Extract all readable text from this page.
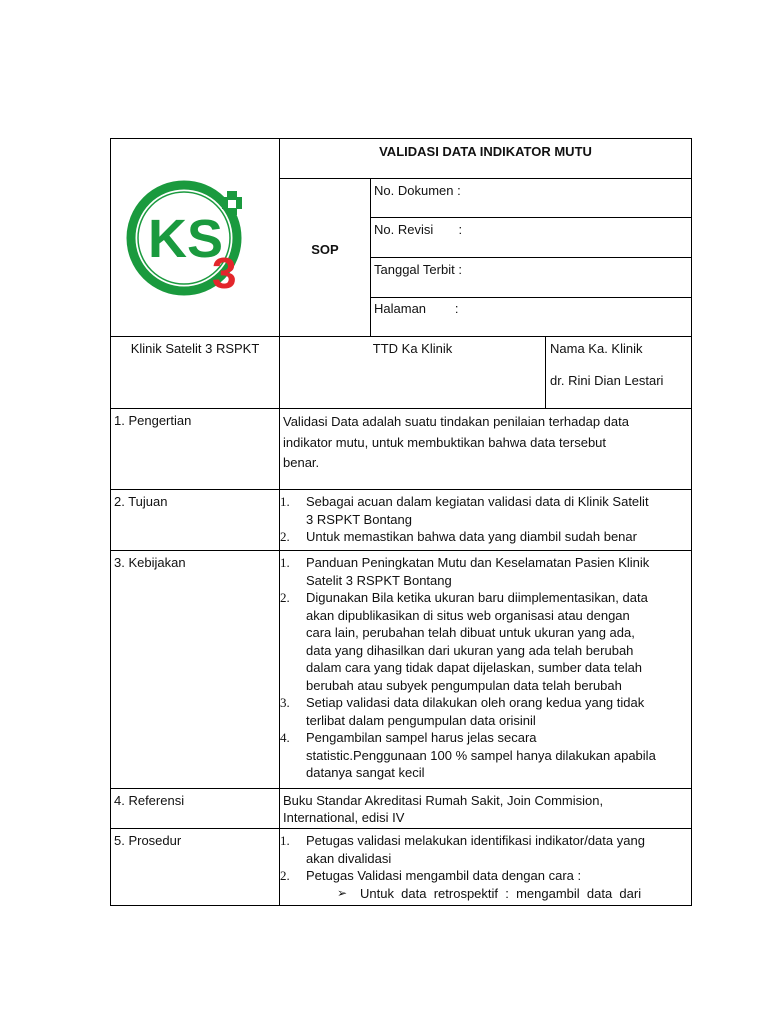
KS
3
VALIDASI DATA INDIKATOR MUTU
SOP
No. Dokumen :
No. Revisi       :
Tanggal Terbit :
Halaman        :
Klinik Satelit 3 RSPKT	TTD Ka Klinik	Nama Ka. Klinik
dr. Rini Dian Lestari
1. Pengertian	Validasi Data adalah suatu tindakan penilaian terhadap data
indikator mutu, untuk membuktikan bahwa data tersebut
benar.
2. Tujuan	1. Sebagai acuan dalam kegiatan validasi data di Klinik Satelit
3 RSPKT Bontang
2. Untuk memastikan bahwa data yang diambil sudah benar
3. Kebijakan	1. Panduan Peningkatan Mutu dan Keselamatan Pasien Klinik
Satelit 3 RSPKT Bontang
2. Digunakan Bila ketika ukuran baru diimplementasikan, data
akan dipublikasikan di situs web organisasi atau dengan
cara lain, perubahan telah dibuat untuk ukuran yang ada,
data yang dihasilkan dari ukuran yang ada telah berubah
dalam cara yang tidak dapat dijelaskan, sumber data telah
berubah atau subyek pengumpulan data telah berubah
3. Setiap validasi data dilakukan oleh orang kedua yang tidak
terlibat dalam pengumpulan data orisinil
4. Pengambilan sampel harus jelas secara
statistic.Penggunaan 100 % sampel hanya dilakukan apabila
datanya sangat kecil
4. Referensi	Buku Standar Akreditasi Rumah Sakit, Join Commision,
International, edisi IV
5. Prosedur	1. Petugas validasi melakukan identifikasi indikator/data yang
akan divalidasi
2. Petugas Validasi mengambil data dengan cara :
➢ Untuk  data  retrospektif  :  mengambil  data  dari
